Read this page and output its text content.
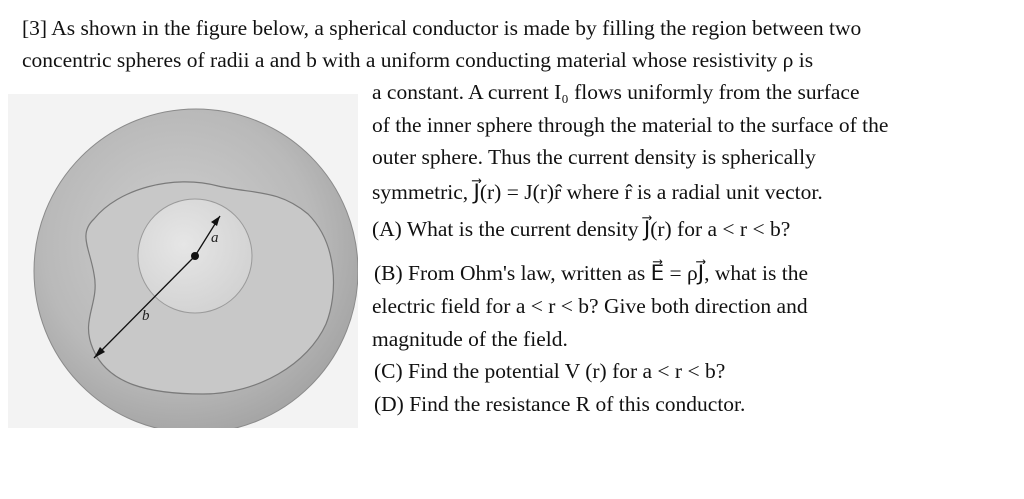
a
b
[3] As shown in the figure below, a spherical conductor is made by filling the region between two
concentric spheres of radii a and b with a uniform conducting material whose resistivity ρ is
a constant. A current I₀ flows uniformly from the surface
of the inner sphere through the material to the surface of the
outer sphere. Thus the current density is spherically
symmetric, J⃗(r) = J(r)r̂ where r̂ is a radial unit vector.
(A) What is the current density J⃗(r) for a < r < b?
(B) From Ohm's law, written as E⃗ = ρJ⃗, what is the
electric field for a < r < b? Give both direction and
magnitude of the field.
(C) Find the potential V (r) for a < r < b?
(D) Find the resistance R of this conductor.
